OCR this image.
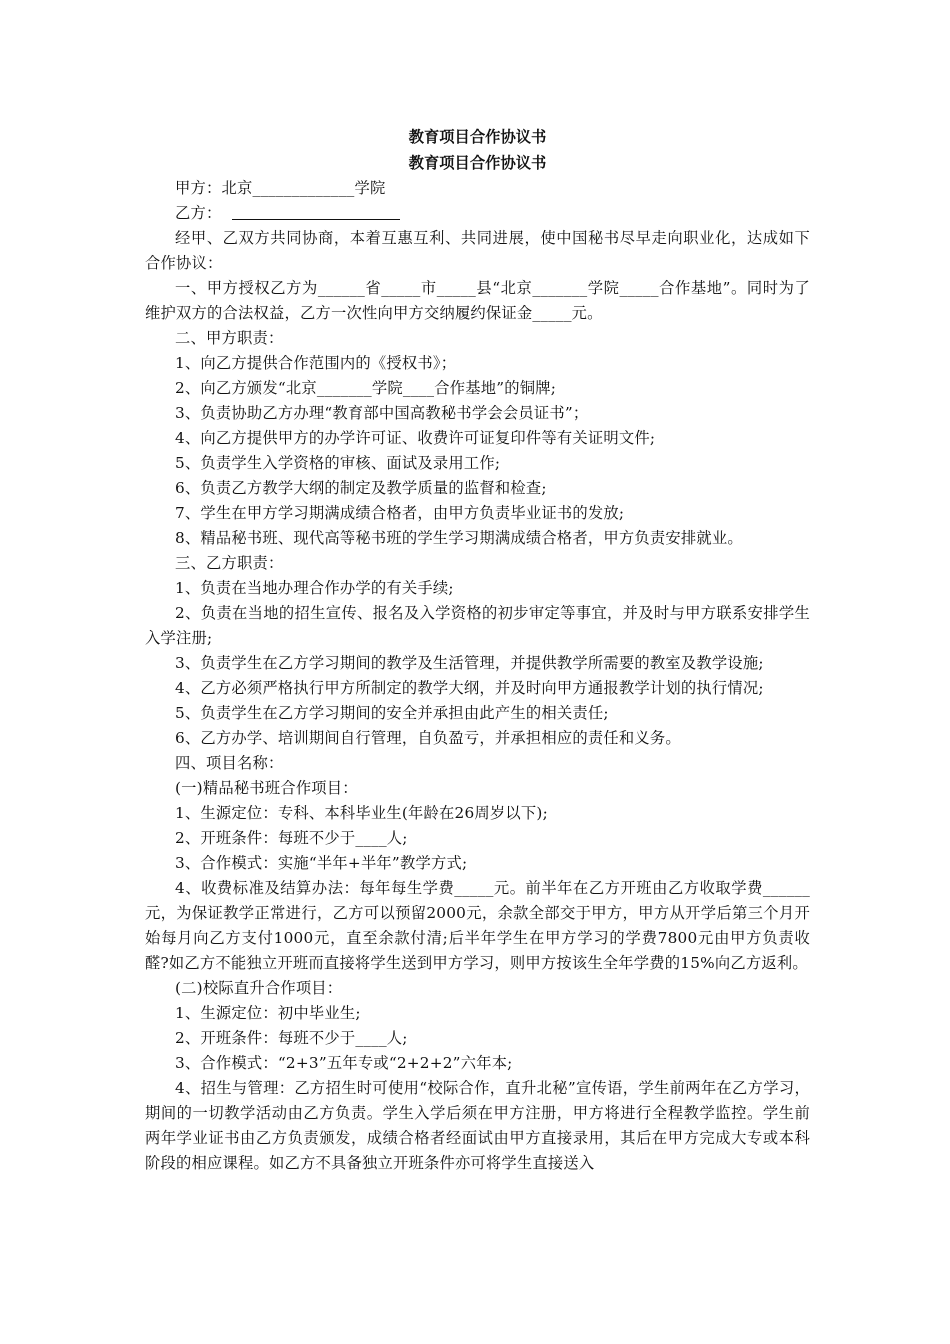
教育项目合作协议书

教育项目合作协议书

甲方：北京_____________学院

乙方：

经甲、乙双方共同协商，本着互惠互利、共同进展，使中国秘书尽早走向职业化，达成如下合作协议：

一、甲方授权乙方为______省_____市_____县“北京_______学院_____合作基地”。同时为了维护双方的合法权益，乙方一次性向甲方交纳履约保证金_____元。

二、甲方职责：

1、向乙方提供合作范围内的《授权书》；

2、向乙方颁发“北京_______学院____合作基地”的铜牌;

3、负责协助乙方办理“教育部中国高教秘书学会会员证书”；

4、向乙方提供甲方的办学许可证、收费许可证复印件等有关证明文件;

5、负责学生入学资格的审核、面试及录用工作;

6、负责乙方教学大纲的制定及教学质量的监督和检查;

7、学生在甲方学习期满成绩合格者，由甲方负责毕业证书的发放;

8、精品秘书班、现代高等秘书班的学生学习期满成绩合格者，甲方负责安排就业。

三、乙方职责：

1、负责在当地办理合作办学的有关手续;

2、负责在当地的招生宣传、报名及入学资格的初步审定等事宜，并及时与甲方联系安排学生入学注册;

3、负责学生在乙方学习期间的教学及生活管理，并提供教学所需要的教室及教学设施;

4、乙方必须严格执行甲方所制定的教学大纲，并及时向甲方通报教学计划的执行情况;

5、负责学生在乙方学习期间的安全并承担由此产生的相关责任;

6、乙方办学、培训期间自行管理，自负盈亏，并承担相应的责任和义务。

四、项目名称：

(一)精品秘书班合作项目：

1、生源定位：专科、本科毕业生(年龄在26周岁以下);

2、开班条件：每班不少于____人;

3、合作模式：实施“半年+半年”教学方式;

4、收费标准及结算办法：每年每生学费_____元。前半年在乙方开班由乙方收取学费______元，为保证教学正常进行，乙方可以预留2000元，余款全部交于甲方，甲方从开学后第三个月开始每月向乙方支付1000元，直至余款付清;后半年学生在甲方学习的学费7800元由甲方负责收醛?如乙方不能独立开班而直接将学生送到甲方学习，则甲方按该生全年学费的15%向乙方返利。

(二)校际直升合作项目：

1、生源定位：初中毕业生;

2、开班条件：每班不少于____人;

3、合作模式：“2+3”五年专或“2+2+2”六年本;

4、招生与管理：乙方招生时可使用“校际合作，直升北秘”宣传语，学生前两年在乙方学习，期间的一切教学活动由乙方负责。学生入学后须在甲方注册，甲方将进行全程教学监控。学生前两年学业证书由乙方负责颁发，成绩合格者经面试由甲方直接录用，其后在甲方完成大专或本科阶段的相应课程。如乙方不具备独立开班条件亦可将学生直接送入
